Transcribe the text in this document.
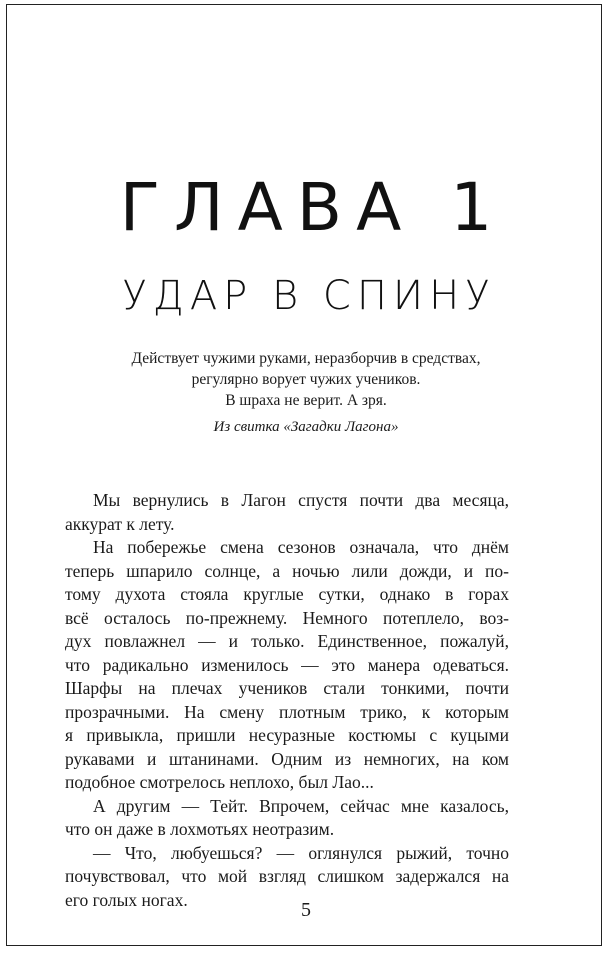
ГЛАВА 1
УДАР В СПИНУ
Действует чужими руками, неразборчив в средствах,
регулярно ворует чужих учеников.
В шраха не верит. А зря.
Из свитка «Загадки Лагона»
Мы вернулись в Лагон спустя почти два месяца,
аккурат к лету.
На побережье смена сезонов означала, что днём
теперь шпарило солнце, а ночью лили дожди, и по-
тому духота стояла круглые сутки, однако в горах
всё осталось по-прежнему. Немного потеплело, воз-
дух повлажнел — и только. Единственное, пожалуй,
что радикально изменилось — это манера одеваться.
Шарфы на плечах учеников стали тонкими, почти
прозрачными. На смену плотным трико, к которым
я привыкла, пришли несуразные костюмы с куцыми
рукавами и штанинами. Одним из немногих, на ком
подобное смотрелось неплохо, был Лао...
А другим — Тейт. Впрочем, сейчас мне казалось,
что он даже в лохмотьях неотразим.
— Что, любуешься? — оглянулся рыжий, точно
почувствовал, что мой взгляд слишком задержался на
его голых ногах.	5
